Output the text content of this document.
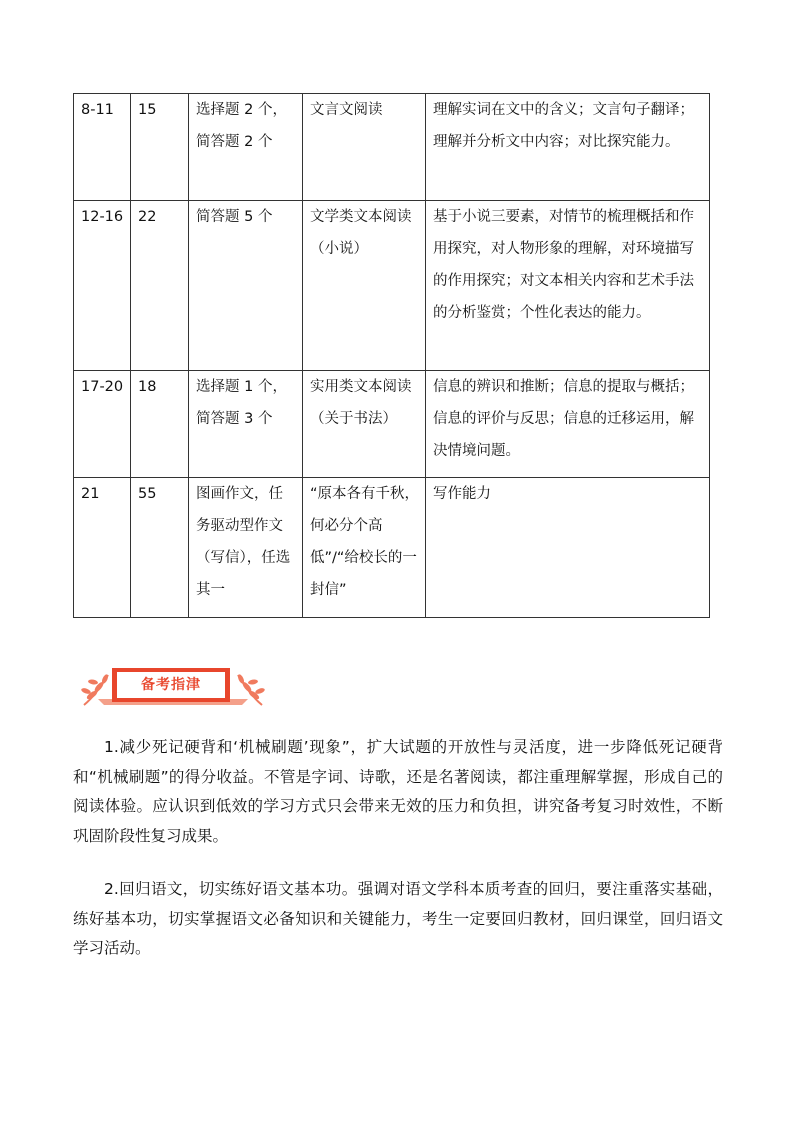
8-11	15	选择题 2 个，简答题 2 个	文言文阅读	理解实词在文中的含义；文言句子翻译；理解并分析文中内容；对比探究能力。
12-16	22	简答题 5 个	文学类文本阅读（小说）	基于小说三要素，对情节的梳理概括和作用探究，对人物形象的理解，对环境描写的作用探究；对文本相关内容和艺术手法的分析鉴赏；个性化表达的能力。
17-20	18	选择题 1 个，简答题 3 个	实用类文本阅读（关于书法）	信息的辨识和推断；信息的提取与概括；信息的评价与反思；信息的迁移运用，解决情境问题。
21	55	图画作文，任务驱动型作文（写信），任选其一	“原本各有千秋，何必分个高低”/“给校长的一封信”	写作能力
备考指津

1.减少死记硬背和‘机械刷题’现象”，扩大试题的开放性与灵活度，进一步降低死记硬背和“机械刷题”的得分收益。不管是字词、诗歌，还是名著阅读，都注重理解掌握，形成自己的阅读体验。应认识到低效的学习方式只会带来无效的压力和负担，讲究备考复习时效性，不断巩固阶段性复习成果。

2.回归语文，切实练好语文基本功。强调对语文学科本质考查的回归，要注重落实基础，练好基本功，切实掌握语文必备知识和关键能力，考生一定要回归教材，回归课堂，回归语文学习活动。
